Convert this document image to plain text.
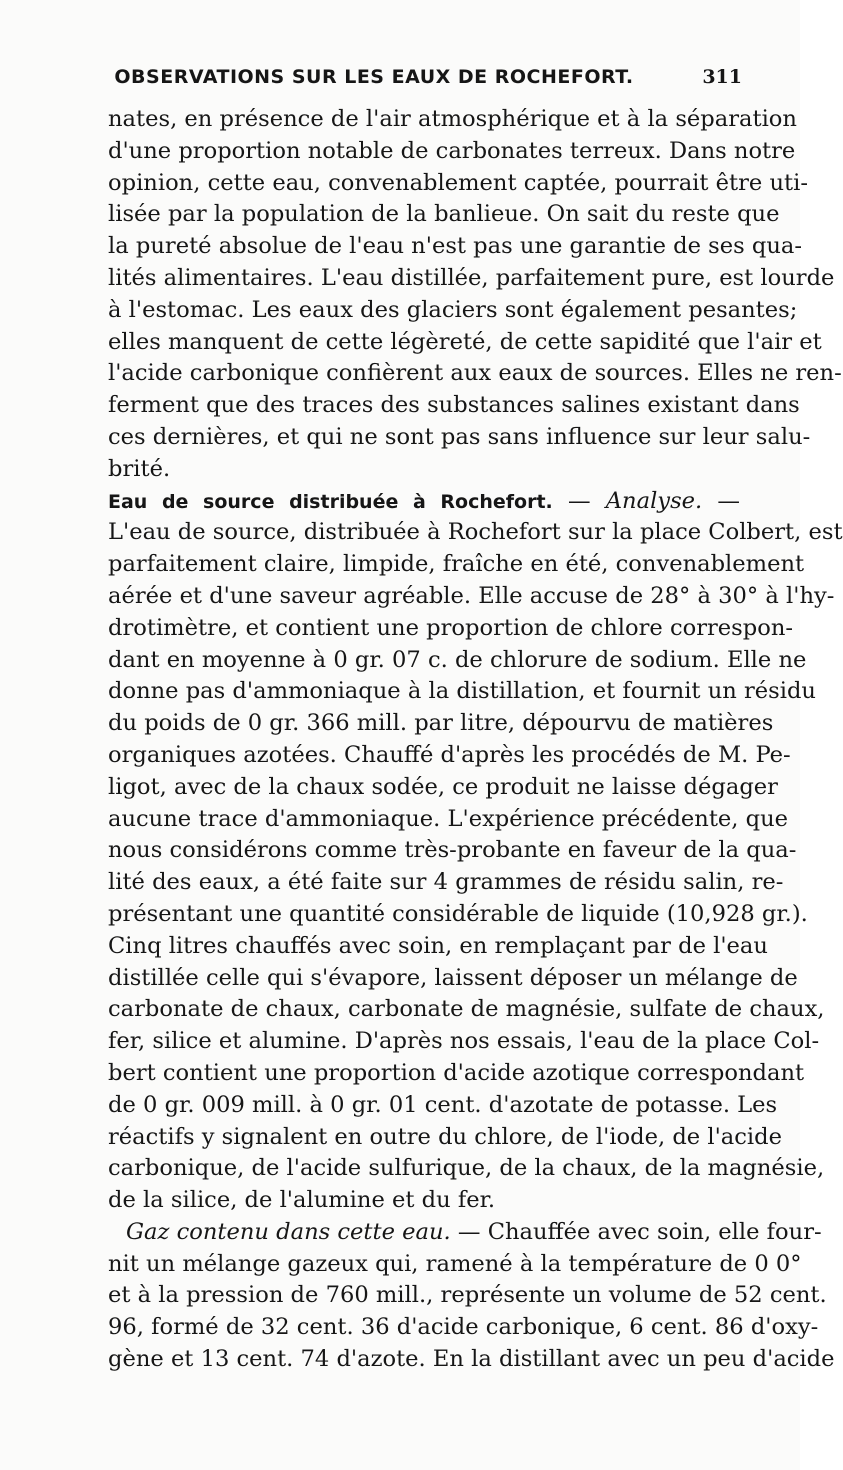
OBSERVATIONS SUR LES EAUX DE ROCHEFORT.	311
nates, en présence de l'air atmosphérique et à la séparation
d'une proportion notable de carbonates terreux. Dans notre
opinion, cette eau, convenablement captée, pourrait être uti-
lisée par la population de la banlieue. On sait du reste que
la pureté absolue de l'eau n'est pas une garantie de ses qua-
lités alimentaires. L'eau distillée, parfaitement pure, est lourde
à l'estomac. Les eaux des glaciers sont également pesantes;
elles manquent de cette légèreté, de cette sapidité que l'air et
l'acide carbonique confièrent aux eaux de sources. Elles ne ren-
ferment que des traces des substances salines existant dans
ces dernières, et qui ne sont pas sans influence sur leur salu-
brité.
Eau de source distribuée à Rochefort. — Analyse. —
L'eau de source, distribuée à Rochefort sur la place Colbert, est
parfaitement claire, limpide, fraîche en été, convenablement
aérée et d'une saveur agréable. Elle accuse de 28° à 30° à l'hy-
drotimètre, et contient une proportion de chlore correspon-
dant en moyenne à 0 gr. 07 c. de chlorure de sodium. Elle ne
donne pas d'ammoniaque à la distillation, et fournit un résidu
du poids de 0 gr. 366 mill. par litre, dépourvu de matières
organiques azotées. Chauffé d'après les procédés de M. Pe-
ligot, avec de la chaux sodée, ce produit ne laisse dégager
aucune trace d'ammoniaque. L'expérience précédente, que
nous considérons comme très-probante en faveur de la qua-
lité des eaux, a été faite sur 4 grammes de résidu salin, re-
présentant une quantité considérable de liquide (10,928 gr.).
Cinq litres chauffés avec soin, en remplaçant par de l'eau
distillée celle qui s'évapore, laissent déposer un mélange de
carbonate de chaux, carbonate de magnésie, sulfate de chaux,
fer, silice et alumine. D'après nos essais, l'eau de la place Col-
bert contient une proportion d'acide azotique correspondant
de 0 gr. 009 mill. à 0 gr. 01 cent. d'azotate de potasse. Les
réactifs y signalent en outre du chlore, de l'iode, de l'acide
carbonique, de l'acide sulfurique, de la chaux, de la magnésie,
de la silice, de l'alumine et du fer.
Gaz contenu dans cette eau. — Chauffée avec soin, elle four-
nit un mélange gazeux qui, ramené à la température de 0 0°
et à la pression de 760 mill., représente un volume de 52 cent.
96, formé de 32 cent. 36 d'acide carbonique, 6 cent. 86 d'oxy-
gène et 13 cent. 74 d'azote. En la distillant avec un peu d'acide
